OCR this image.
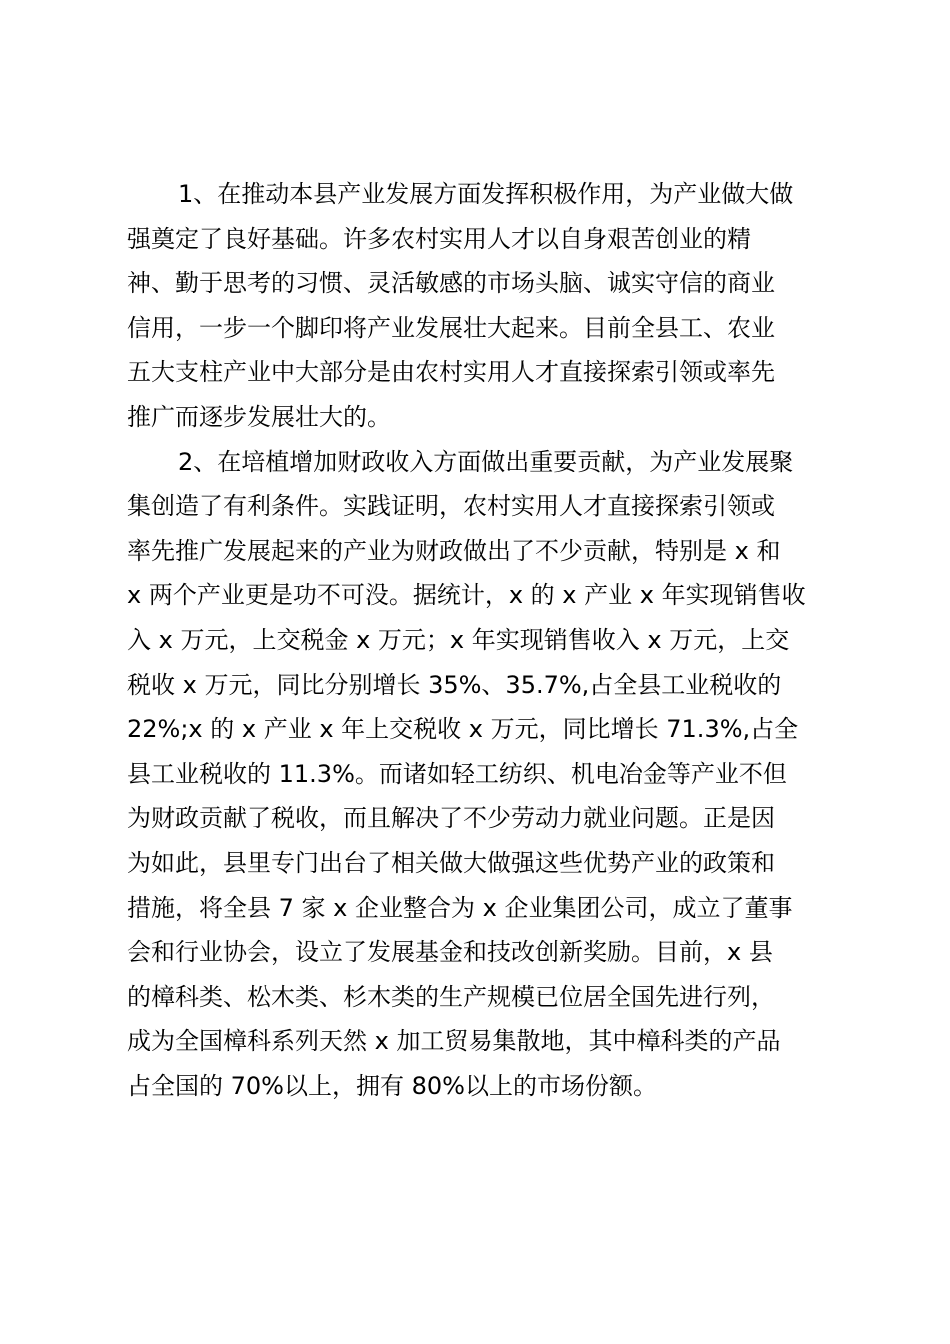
1、在推动本县产业发展方面发挥积极作用，为产业做大做
强奠定了良好基础。许多农村实用人才以自身艰苦创业的精
神、勤于思考的习惯、灵活敏感的市场头脑、诚实守信的商业
信用，一步一个脚印将产业发展壮大起来。目前全县工、农业
五大支柱产业中大部分是由农村实用人才直接探索引领或率先
推广而逐步发展壮大的。
2、在培植增加财政收入方面做出重要贡献，为产业发展聚
集创造了有利条件。实践证明，农村实用人才直接探索引领或
率先推广发展起来的产业为财政做出了不少贡献，特别是 x 和
x 两个产业更是功不可没。据统计，x 的 x 产业 x 年实现销售收
入 x 万元，上交税金 x 万元；x 年实现销售收入 x 万元，上交
税收 x 万元，同比分别增长 35%、35.7%,占全县工业税收的
22%;x 的 x 产业 x 年上交税收 x 万元，同比增长 71.3%,占全
县工业税收的 11.3%。而诸如轻工纺织、机电冶金等产业不但
为财政贡献了税收，而且解决了不少劳动力就业问题。正是因
为如此，县里专门出台了相关做大做强这些优势产业的政策和
措施，将全县 7 家 x 企业整合为 x 企业集团公司，成立了董事
会和行业协会，设立了发展基金和技改创新奖励。目前，x 县
的樟科类、松木类、杉木类的生产规模已位居全国先进行列，
成为全国樟科系列天然 x 加工贸易集散地，其中樟科类的产品
占全国的 70%以上，拥有 80%以上的市场份额。
